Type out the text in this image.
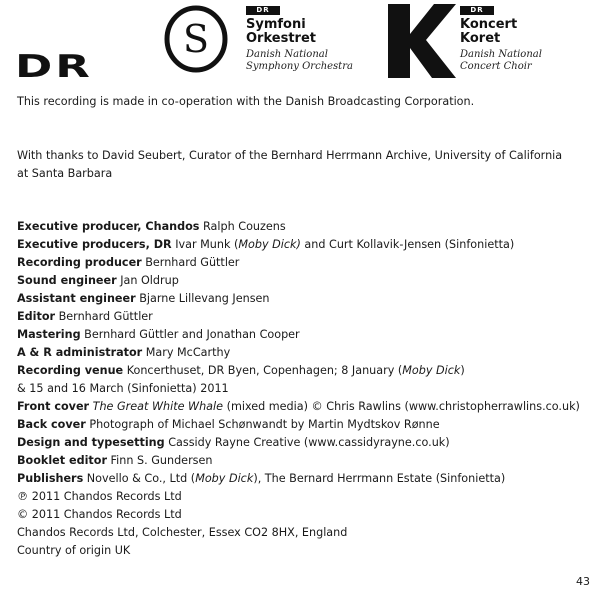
DR
S
DR
Symfoni
Orkestret
Danish National
Symphony Orchestra
DR
Koncert
Koret
Danish National
Concert Choir
This recording is made in co-operation with the Danish Broadcasting Corporation.
With thanks to David Seubert, Curator of the Bernhard Herrmann Archive, University of California
at Santa Barbara
Executive producer, Chandos Ralph Couzens
Executive producers, DR Ivar Munk (Moby Dick) and Curt Kollavik-Jensen (Sinfonietta)
Recording producer Bernhard Güttler
Sound engineer Jan Oldrup
Assistant engineer Bjarne Lillevang Jensen
Editor Bernhard Güttler
Mastering Bernhard Güttler and Jonathan Cooper
A & R administrator Mary McCarthy
Recording venue Koncerthuset, DR Byen, Copenhagen; 8 January (Moby Dick)
& 15 and 16 March (Sinfonietta) 2011
Front cover The Great White Whale (mixed media) © Chris Rawlins (www.christopherrawlins.co.uk)
Back cover Photograph of Michael Schønwandt by Martin Mydtskov Rønne
Design and typesetting Cassidy Rayne Creative (www.cassidyrayne.co.uk)
Booklet editor Finn S. Gundersen
Publishers Novello & Co., Ltd (Moby Dick), The Bernard Herrmann Estate (Sinfonietta)
℗ 2011 Chandos Records Ltd
© 2011 Chandos Records Ltd
Chandos Records Ltd, Colchester, Essex CO2 8HX, England
Country of origin UK
43
